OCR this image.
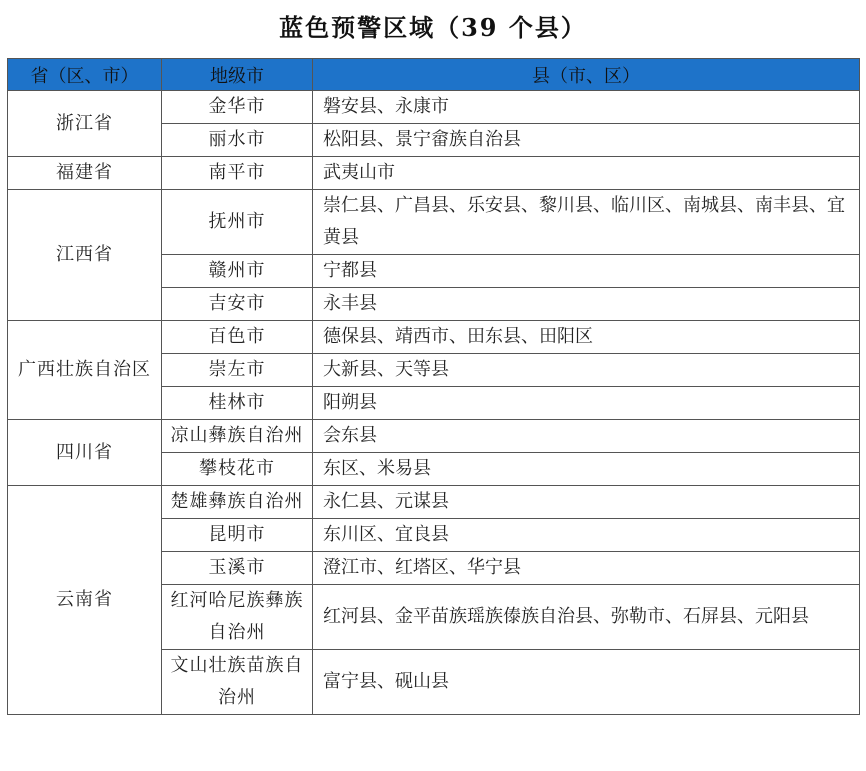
蓝色预警区域（39 个县）
省（区、市）	地级市	县（市、区）
浙江省	金华市	磐安县、永康市
	丽水市	松阳县、景宁畲族自治县
福建省	南平市	武夷山市
江西省	抚州市	崇仁县、广昌县、乐安县、黎川县、临川区、南城县、南丰县、宜黄县
	赣州市	宁都县
	吉安市	永丰县
广西壮族自治区	百色市	德保县、靖西市、田东县、田阳区
	崇左市	大新县、天等县
	桂林市	阳朔县
四川省	凉山彝族自治州	会东县
	攀枝花市	东区、米易县
云南省	楚雄彝族自治州	永仁县、元谋县
	昆明市	东川区、宜良县
	玉溪市	澄江市、红塔区、华宁县
	红河哈尼族彝族自治州	红河县、金平苗族瑶族傣族自治县、弥勒市、石屏县、元阳县
	文山壮族苗族自治州	富宁县、砚山县
